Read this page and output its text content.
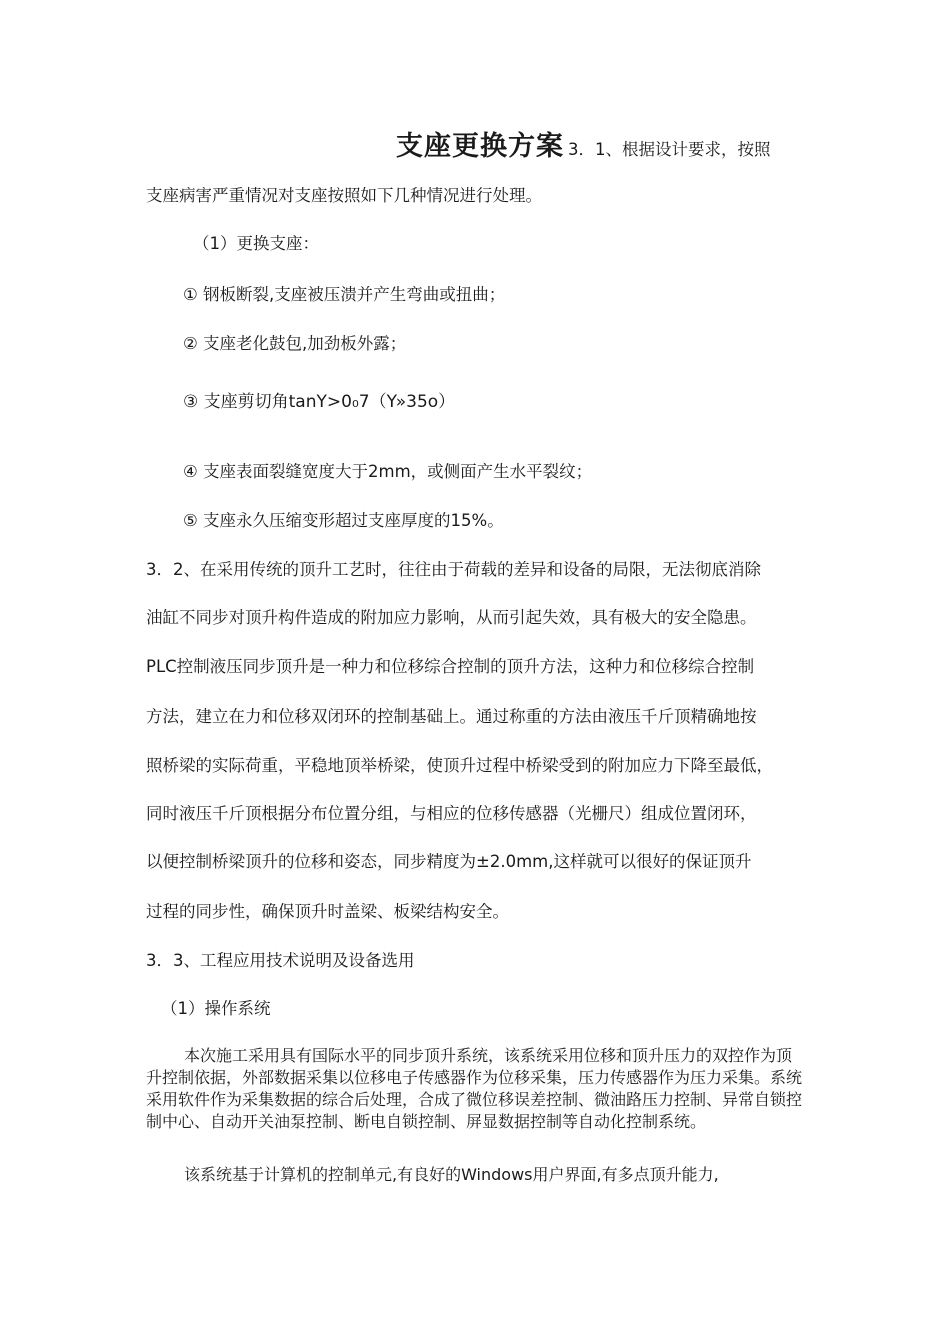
支座更换方案 3．1、根据设计要求，按照
支座病害严重情况对支座按照如下几种情况进行处理。
（1）更换支座：
① 钢板断裂,支座被压溃并产生弯曲或扭曲；
② 支座老化鼓包,加劲板外露；
③ 支座剪切角tanY>0₀7（Y»35o）
④ 支座表面裂缝宽度大于2mm，或侧面产生水平裂纹；
⑤ 支座永久压缩变形超过支座厚度的15%。
3．2、在采用传统的顶升工艺时，往往由于荷载的差异和设备的局限，无法彻底消除
油缸不同步对顶升构件造成的附加应力影响，从而引起失效，具有极大的安全隐患。
PLC控制液压同步顶升是一种力和位移综合控制的顶升方法，这种力和位移综合控制
方法，建立在力和位移双闭环的控制基础上。通过称重的方法由液压千斤顶精确地按
照桥梁的实际荷重，平稳地顶举桥梁，使顶升过程中桥梁受到的附加应力下降至最低，
同时液压千斤顶根据分布位置分组，与相应的位移传感器（光栅尺）组成位置闭环，
以便控制桥梁顶升的位移和姿态，同步精度为±2.0mm,这样就可以很好的保证顶升
过程的同步性，确保顶升时盖梁、板梁结构安全。
3．3、工程应用技术说明及设备选用
（1）操作系统
本次施工采用具有国际水平的同步顶升系统，该系统采用位移和顶升压力的双控作为顶升控制依据，外部数据采集以位移电子传感器作为位移采集，压力传感器作为压力采集。系统采用软件作为采集数据的综合后处理，合成了微位移误差控制、微油路压力控制、异常自锁控制中心、自动开关油泵控制、断电自锁控制、屏显数据控制等自动化控制系统。
该系统基于计算机的控制单元,有良好的Windows用户界面,有多点顶升能力,
